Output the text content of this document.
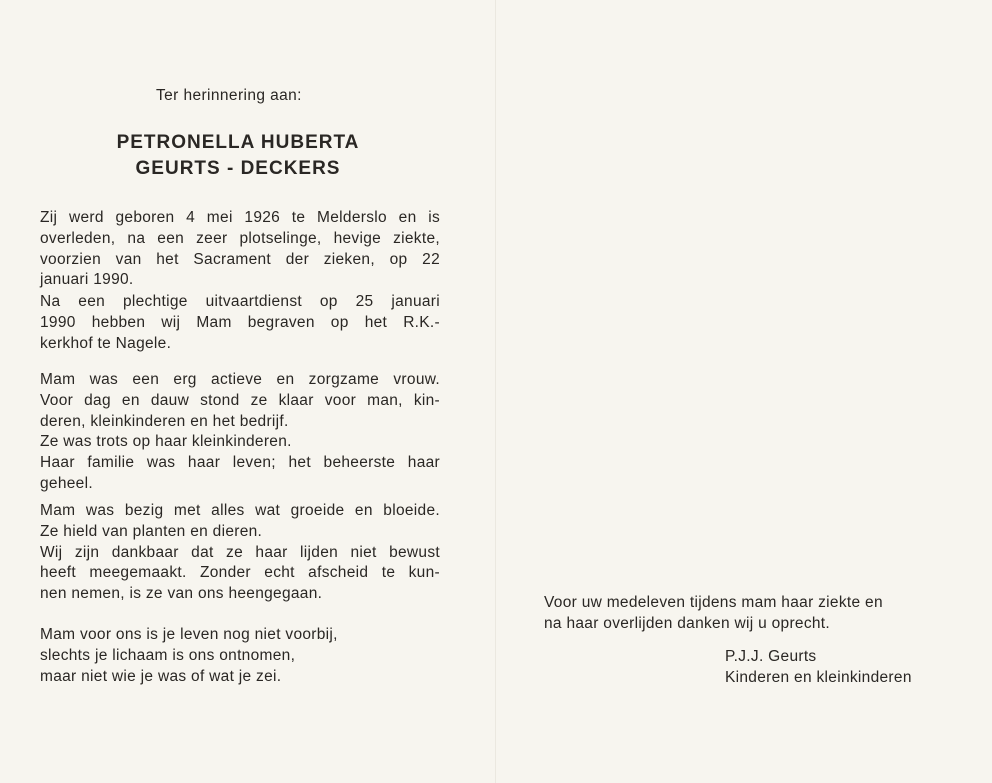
Ter herinnering aan:
PETRONELLA HUBERTA
GEURTS - DECKERS

Zij werd geboren 4 mei 1926 te Melderslo en is
overleden, na een zeer plotselinge, hevige ziekte,
voorzien van het Sacrament der zieken, op 22
januari 1990.

Na een plechtige uitvaartdienst op 25 januari
1990 hebben wij Mam begraven op het R.K.-
kerkhof te Nagele.

Mam was een erg actieve en zorgzame vrouw.
Voor dag en dauw stond ze klaar voor man, kin-
deren, kleinkinderen en het bedrijf.
Ze was trots op haar kleinkinderen.
Haar familie was haar leven; het beheerste haar
geheel.

Mam was bezig met alles wat groeide en bloeide.
Ze hield van planten en dieren.
Wij zijn dankbaar dat ze haar lijden niet bewust
heeft meegemaakt. Zonder echt afscheid te kun-
nen nemen, is ze van ons heengegaan.

Mam voor ons is je leven nog niet voorbij,
slechts je lichaam is ons ontnomen,
maar niet wie je was of wat je zei.

Voor uw medeleven tijdens mam haar ziekte en
na haar overlijden danken wij u oprecht.

P.J.J. Geurts
Kinderen en kleinkinderen
